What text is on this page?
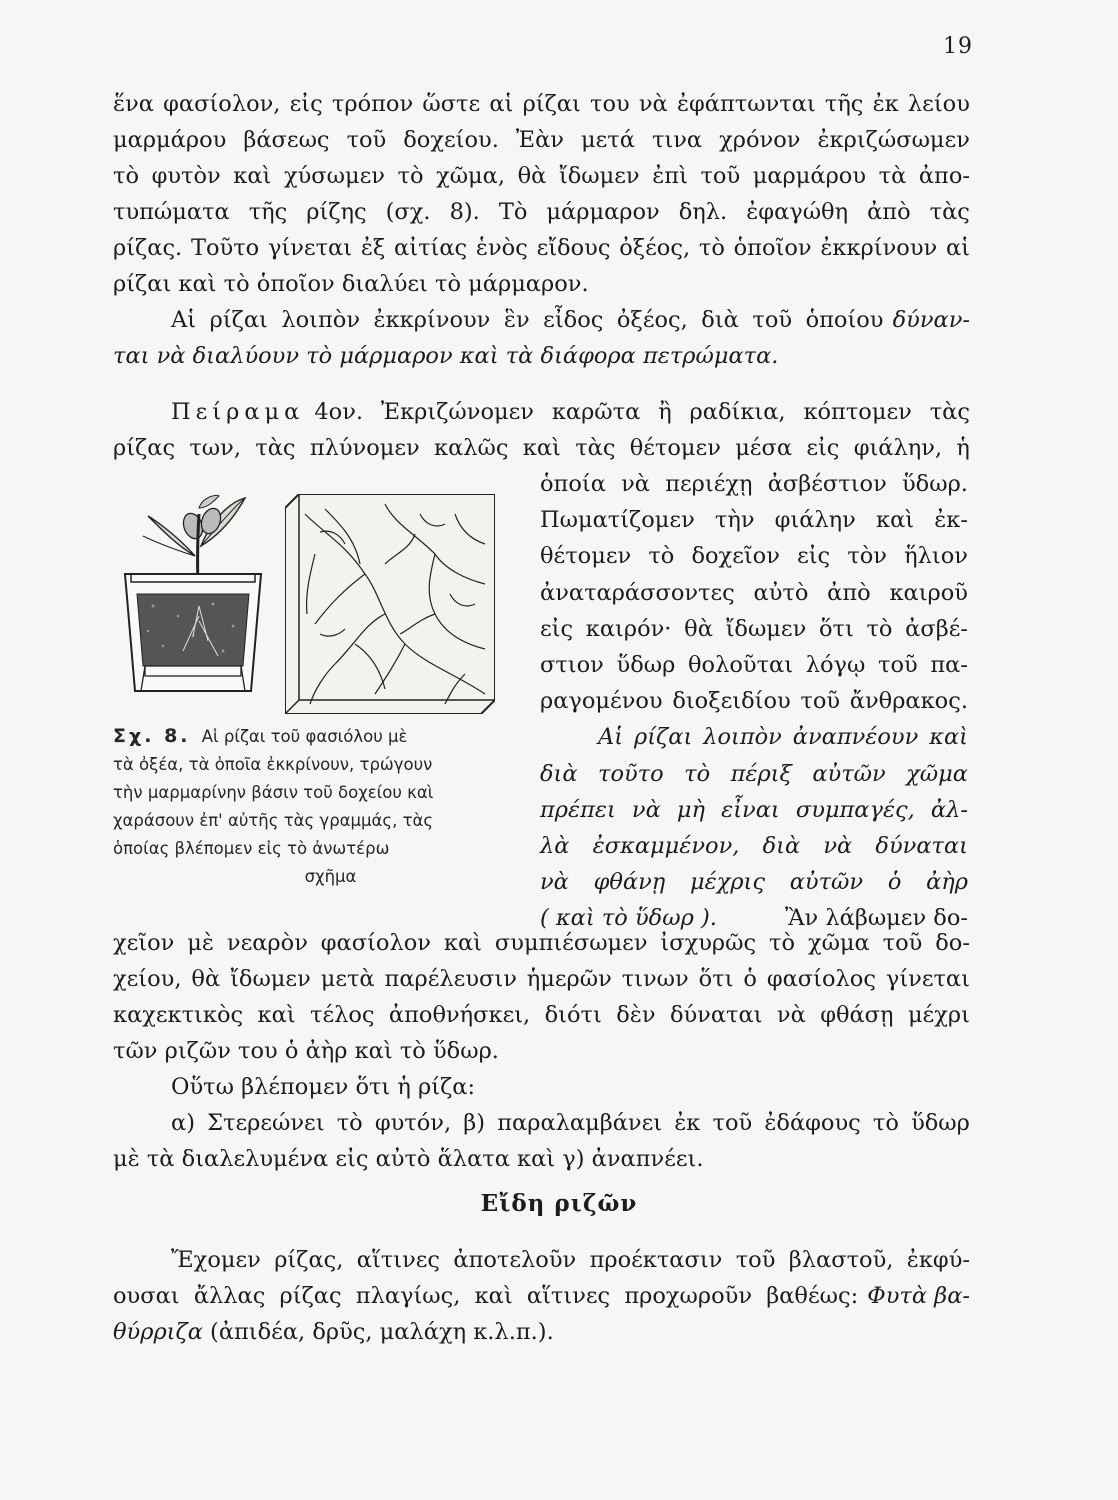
19
ἕνα φασίολον, εἰς τρόπον ὥστε αἱ ρίζαι του νὰ ἐφάπτωνται τῆς ἐκ λείου
μαρμάρου βάσεως τοῦ δοχείου. Ἐὰν μετά τινα χρόνον ἐκριζώσωμεν
τὸ φυτὸν καὶ χύσωμεν τὸ χῶμα, θὰ ἴδωμεν ἐπὶ τοῦ μαρμάρου τὰ ἀπο-
τυπώματα τῆς ρίζης (σχ. 8). Τὸ μάρμαρον δηλ. ἐφαγώθη ἀπὸ τὰς
ρίζας. Τοῦτο γίνεται ἐξ αἰτίας ἑνὸς εἴδους ὀξέος, τὸ ὁποῖον ἐκκρίνουν αἱ
ρίζαι καὶ τὸ ὁποῖον διαλύει τὸ μάρμαρον.
Αἱ ρίζαι λοιπὸν ἐκκρίνουν ἓν εἶδος ὀξέος, διὰ τοῦ ὁποίου δύναν-
ται νὰ διαλύουν τὸ μάρμαρον καὶ τὰ διάφορα πετρώματα.
Πείραμα 4ον. Ἐκριζώνομεν καρῶτα ἢ ραδίκια, κόπτομεν τὰς
ρίζας των, τὰς πλύνομεν καλῶς καὶ τὰς θέτομεν μέσα εἰς φιάλην, ἡ
Σχ. 8. Αἱ ρίζαι τοῦ φασιόλου μὲ
τὰ ὀξέα, τὰ ὁποῖα ἐκκρίνουν, τρώγουν
τὴν μαρμαρίνην βάσιν τοῦ δοχείου καὶ
χαράσουν ἐπ' αὐτῆς τὰς γραμμάς, τὰς
ὁποίας βλέπομεν εἰς τὸ ἀνωτέρω
σχῆμα
ὁποία νὰ περιέχῃ ἀσβέστιον ὕδωρ.
Πωματίζομεν τὴν φιάλην καὶ ἐκ-
θέτομεν τὸ δοχεῖον εἰς τὸν ἥλιον
ἀναταράσσοντες αὐτὸ ἀπὸ καιροῦ
εἰς καιρόν· θὰ ἴδωμεν ὅτι τὸ ἀσβέ-
στιον ὕδωρ θολοῦται λόγῳ τοῦ πα-
ραγομένου διοξειδίου τοῦ ἄνθρακος.
Αἱ ρίζαι λοιπὸν ἀναπνέουν καὶ
διὰ τοῦτο τὸ πέριξ αὐτῶν χῶμα
πρέπει νὰ μὴ εἶναι συμπαγές, ἀλ-
λὰ ἐσκαμμένον, διὰ νὰ δύναται
νὰ φθάνῃ μέχρις αὐτῶν ὁ ἀὴρ
( καὶ τὸ ὕδωρ ).	Ἂν λάβωμεν δο-
χεῖον μὲ νεαρὸν φασίολον καὶ συμπιέσωμεν ἰσχυρῶς τὸ χῶμα τοῦ δο-
χείου, θὰ ἴδωμεν μετὰ παρέλευσιν ἡμερῶν τινων ὅτι ὁ φασίολος γίνεται
καχεκτικὸς καὶ τέλος ἀποθνήσκει, διότι δὲν δύναται νὰ φθάσῃ μέχρι
τῶν ριζῶν του ὁ ἀὴρ καὶ τὸ ὕδωρ.
Οὕτω βλέπομεν ὅτι ἡ ρίζα:
α) Στερεώνει τὸ φυτόν, β) παραλαμβάνει ἐκ τοῦ ἐδάφους τὸ ὕδωρ
μὲ τὰ διαλελυμένα εἰς αὐτὸ ἅλατα καὶ γ) ἀναπνέει.
Εἴδη ριζῶν
Ἔχομεν ρίζας, αἵτινες ἀποτελοῦν προέκτασιν τοῦ βλαστοῦ, ἐκφύ-
ουσαι ἄλλας ρίζας πλαγίως, καὶ αἵτινες προχωροῦν βαθέως: Φυτὰ βα-
θύρριζα (ἀπιδέα, δρῦς, μαλάχη κ.λ.π.).
